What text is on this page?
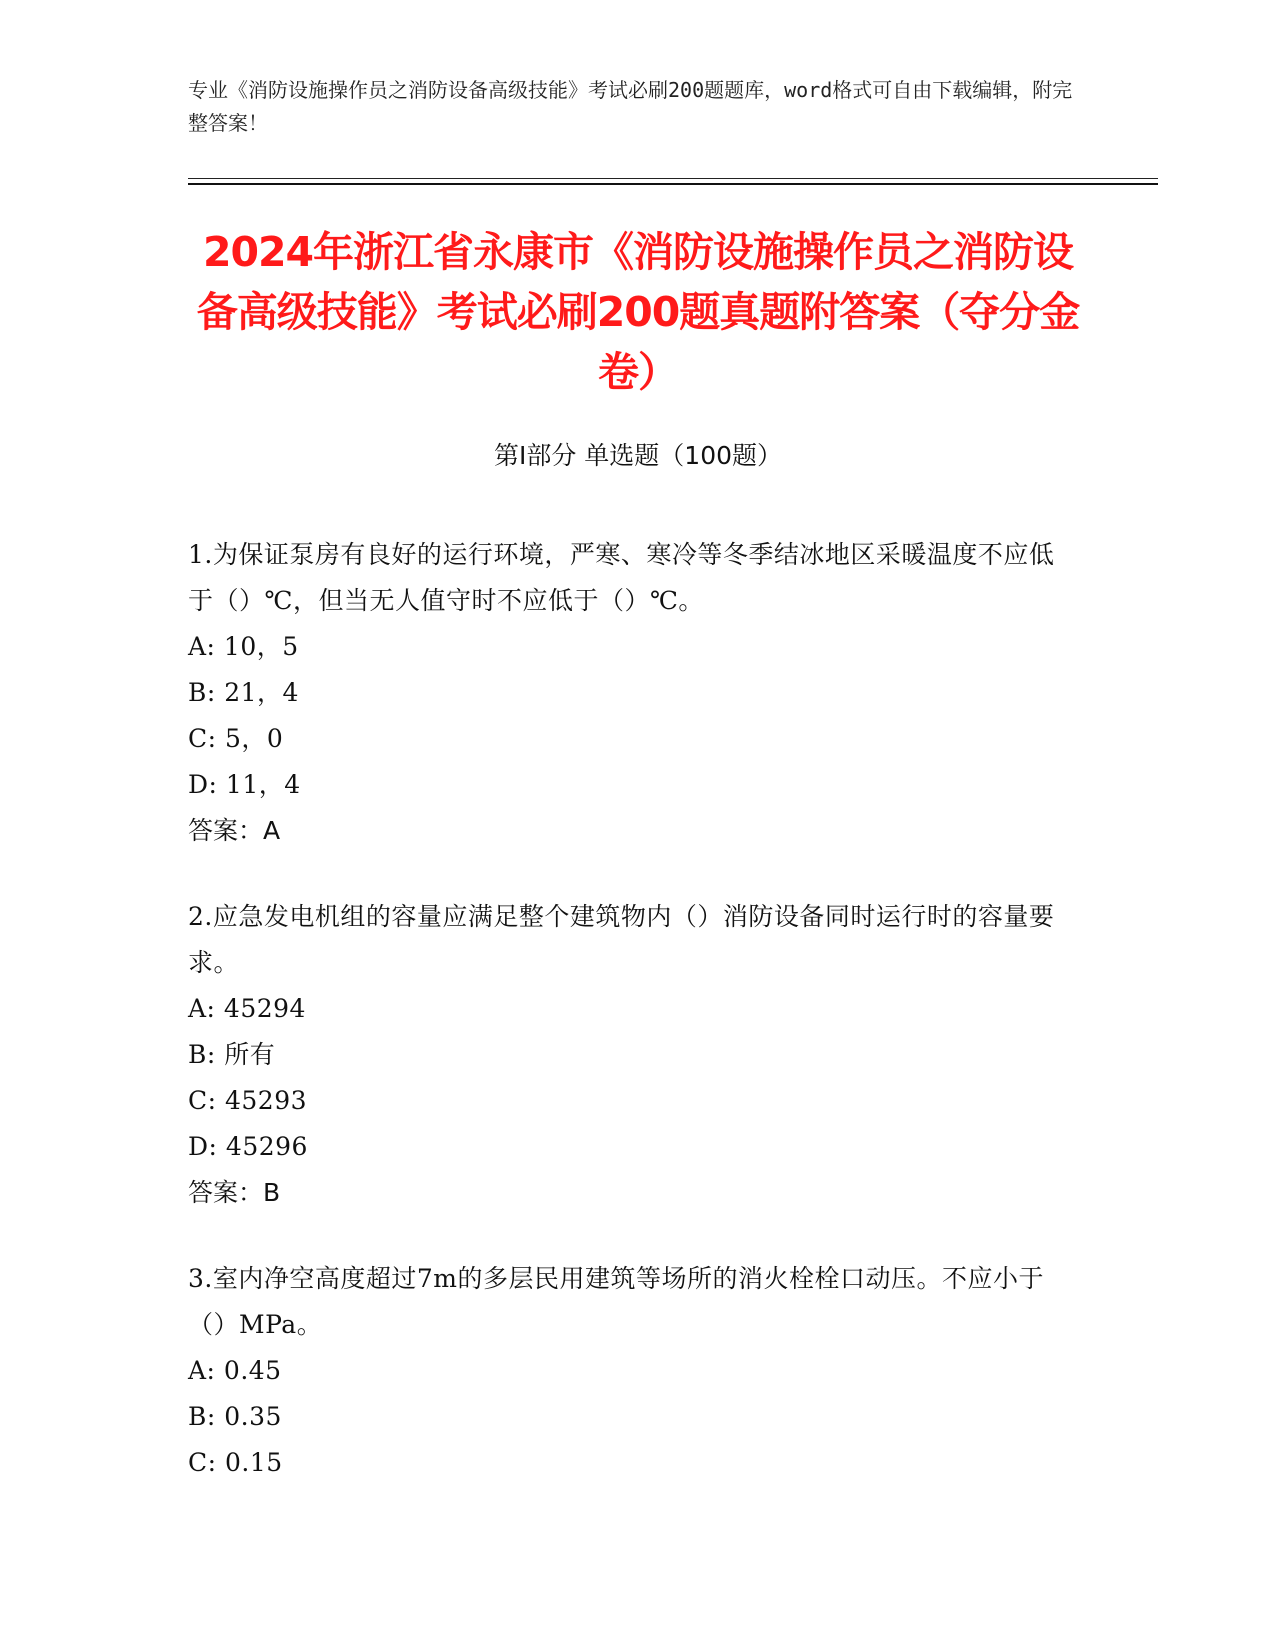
专业《消防设施操作员之消防设备高级技能》考试必刷200题题库，word格式可自由下载编辑，附完整答案！
2024年浙江省永康市《消防设施操作员之消防设备高级技能》考试必刷200题真题附答案（夺分金卷）
第I部分 单选题（100题）
1.为保证泵房有良好的运行环境，严寒、寒冷等冬季结冰地区采暖温度不应低于（）℃，但当无人值守时不应低于（）℃。
A: 10，5
B: 21，4
C: 5，0
D: 11，4
答案：A
2.应急发电机组的容量应满足整个建筑物内（）消防设备同时运行时的容量要求。
A: 45294
B: 所有
C: 45293
D: 45296
答案：B
3.室内净空高度超过7m的多层民用建筑等场所的消火栓栓口动压。不应小于（）MPa。
A: 0.45
B: 0.35
C: 0.15
